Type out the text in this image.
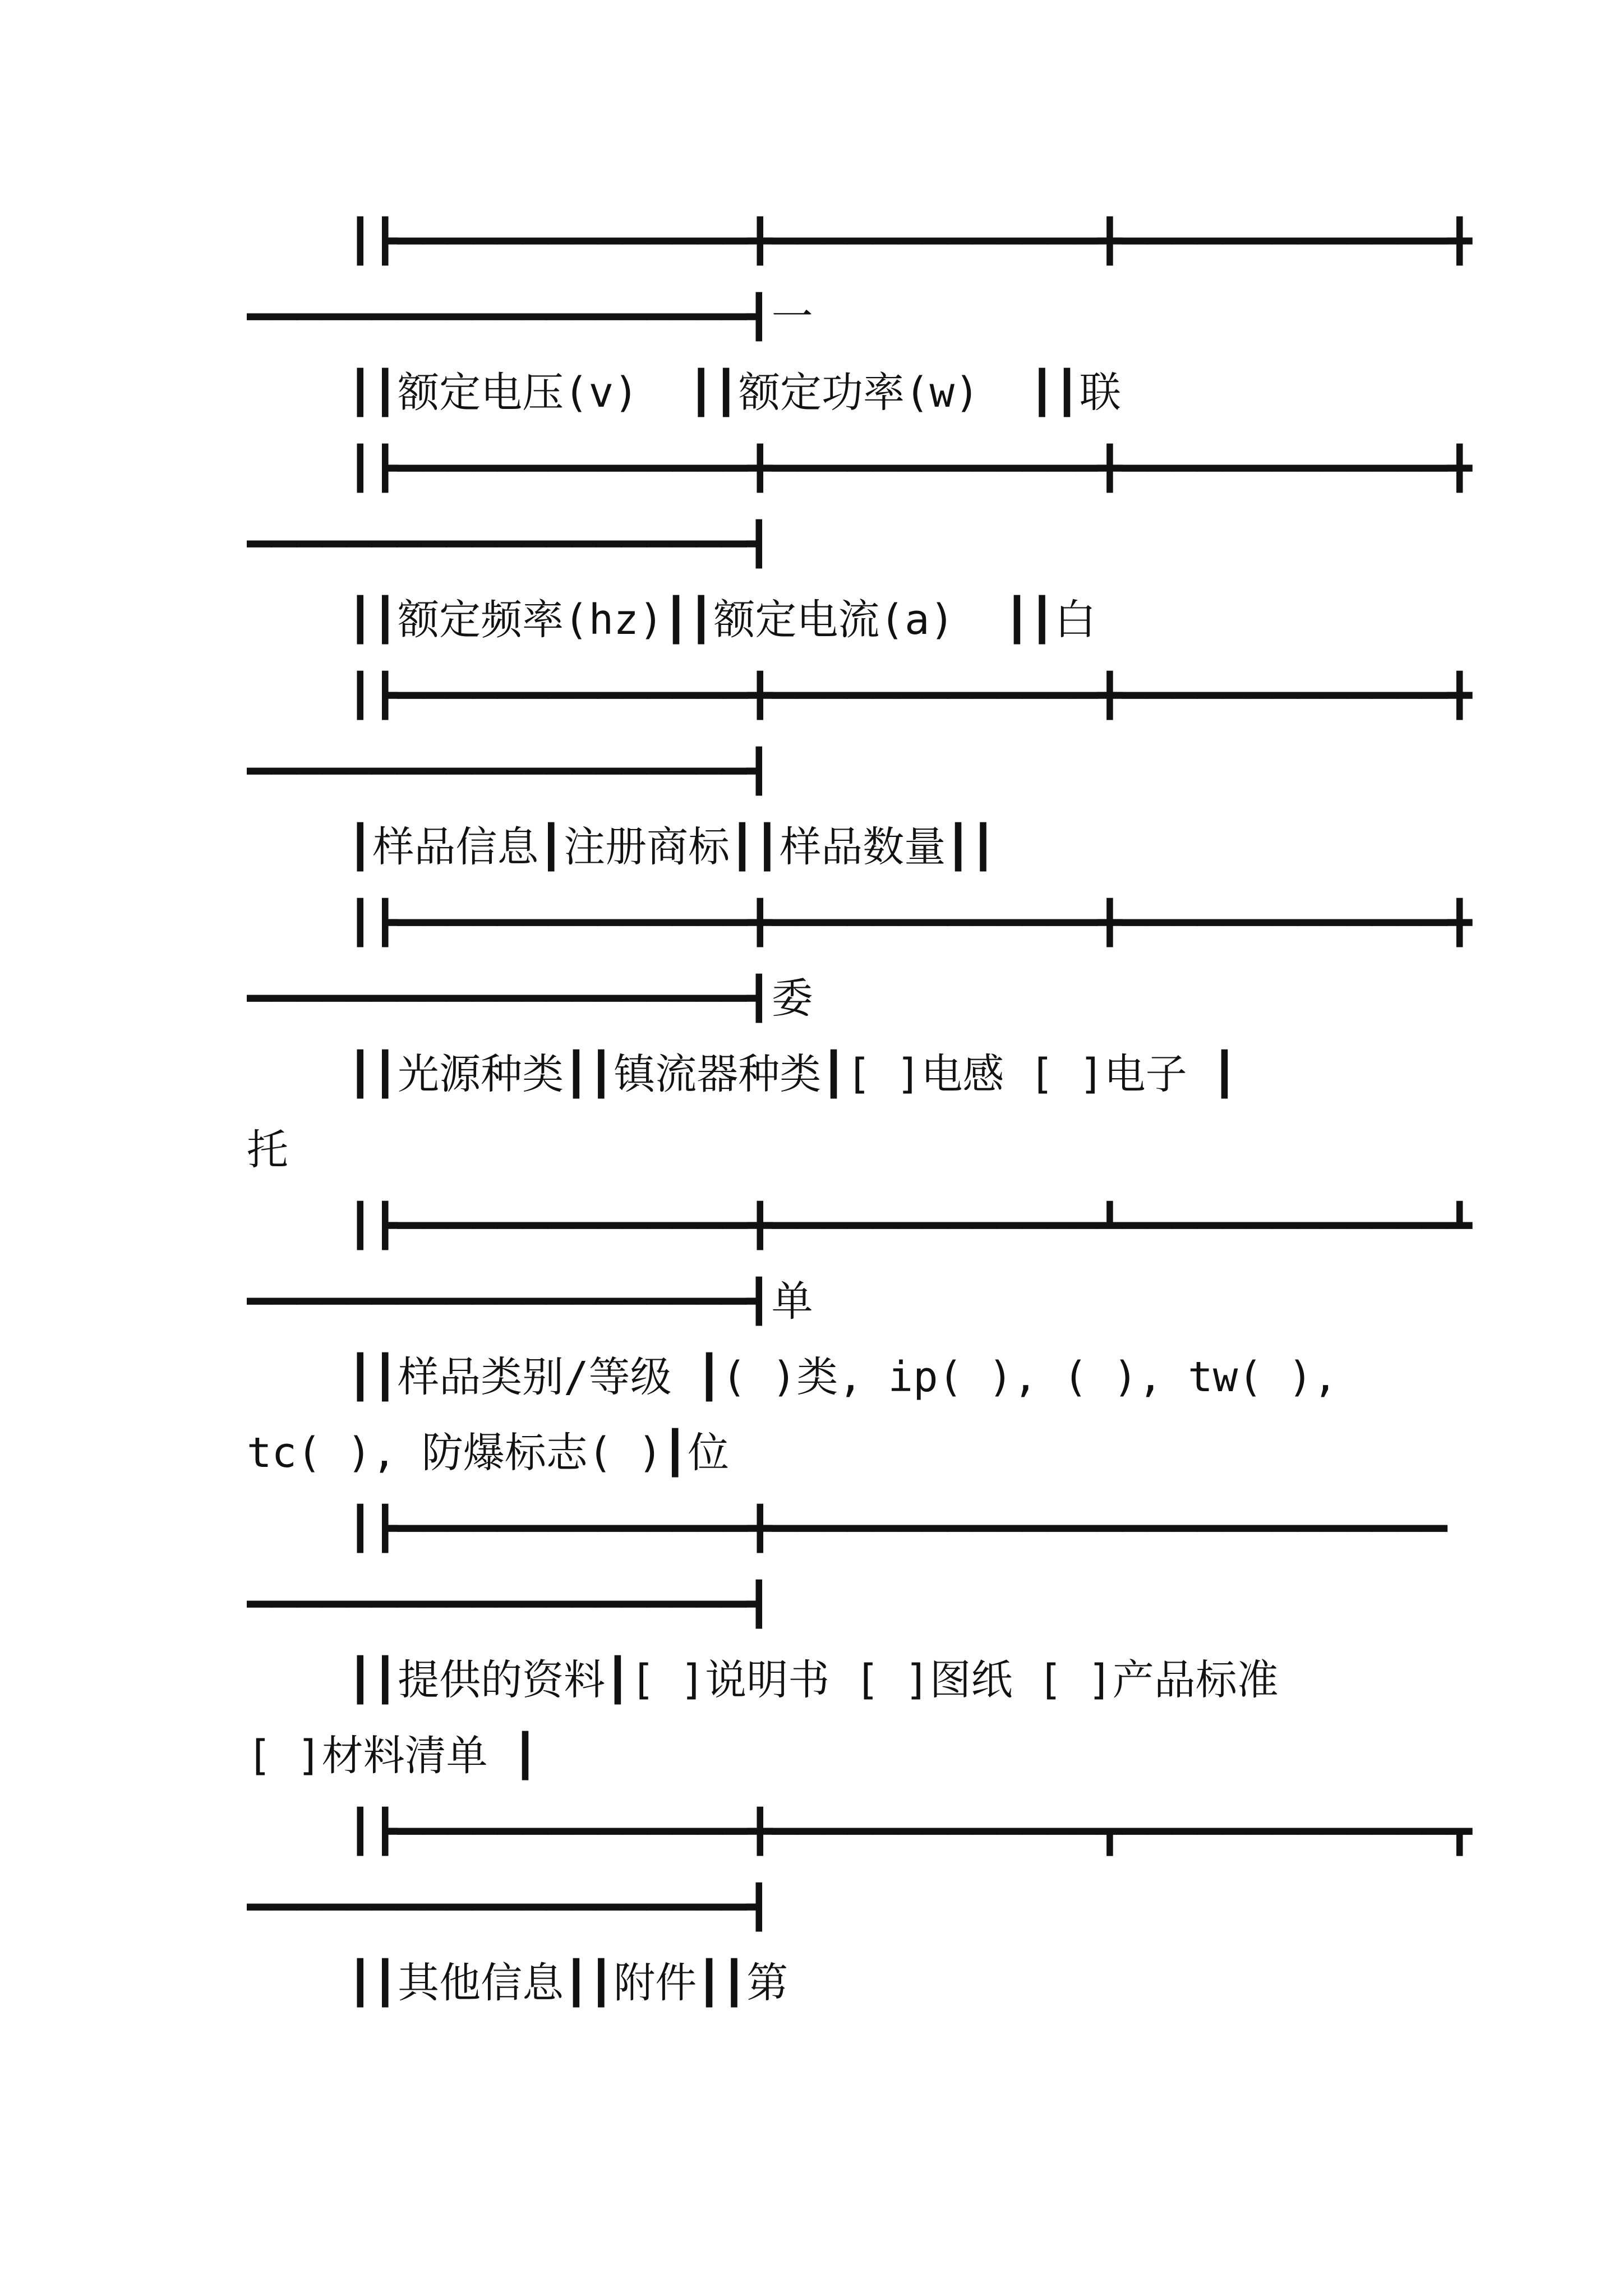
┃┣━━━━━━━━━━━━━━╋━━━━━━━━━━━━━╋━━━━━━━━━━━━━╋
━━━━━━━━━━━━━━━━━━━━┫一
┃┃额定电压(v)  ┃┃额定功率(w)  ┃┃联
┃┣━━━━━━━━━━━━━━╋━━━━━━━━━━━━━╋━━━━━━━━━━━━━╋
━━━━━━━━━━━━━━━━━━━━┫
┃┃额定频率(hz)┃┃额定电流(a)  ┃┃白
┃┣━━━━━━━━━━━━━━╋━━━━━━━━━━━━━╋━━━━━━━━━━━━━╋
━━━━━━━━━━━━━━━━━━━━┫
┃样品信息┃注册商标┃┃样品数量┃┃
┃┣━━━━━━━━━━━━━━╋━━━━━━━━━━━━━╋━━━━━━━━━━━━━╋
━━━━━━━━━━━━━━━━━━━━┫委
┃┃光源种类┃┃镇流器种类┃[ ]电感 [ ]电子 ┃
托
┃┣━━━━━━━━━━━━━━╋━━━━━━━━━━━━━┻━━━━━━━━━━━━━┻
━━━━━━━━━━━━━━━━━━━━┫单
┃┃样品类别/等级 ┃( )类, ip( ), ( ), tw( ),
tc( ), 防爆标志( )┃位
┃┣━━━━━━━━━━━━━━╋━━━━━━━━━━━━━━━━━━━━━━━━━━━
━━━━━━━━━━━━━━━━━━━━┫
┃┃提供的资料┃[ ]说明书 [ ]图纸 [ ]产品标准
[ ]材料清单 ┃
┃┣━━━━━━━━━━━━━━╋━━━━━━━━━━━━━┳━━━━━━━━━━━━━┳
━━━━━━━━━━━━━━━━━━━━┫
┃┃其他信息┃┃附件┃┃第
